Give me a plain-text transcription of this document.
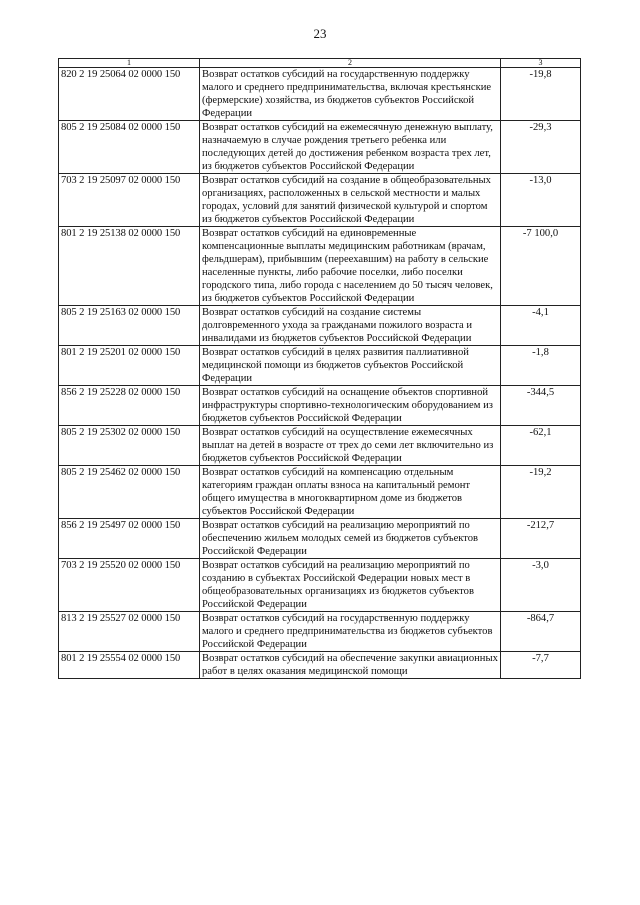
23
1	2	3
820 2 19 25064 02 0000 150	Возврат остатков субсидий на государственную поддержку малого и среднего предпринимательства, включая крестьянские (фермерские) хозяйства, из бюджетов субъектов Российской Федерации	-19,8
805 2 19 25084 02 0000 150	Возврат остатков субсидий на ежемесячную денежную выплату, назначаемую в случае рождения третьего ребенка или последующих детей до достижения ребенком возраста трех лет, из бюджетов субъектов Российской Федерации	-29,3
703 2 19 25097 02 0000 150	Возврат остатков субсидий на создание в общеобразовательных организациях, расположенных в сельской местности и малых городах, условий для занятий физической культурой и спортом из бюджетов субъектов Российской Федерации	-13,0
801 2 19 25138 02 0000 150	Возврат остатков субсидий на единовременные компенсационные выплаты медицинским работникам (врачам, фельдшерам), прибывшим (переехавшим) на работу в сельские населенные пункты, либо рабочие поселки, либо поселки городского типа, либо города с населением до 50 тысяч человек, из бюджетов субъектов Российской Федерации	-7 100,0
805 2 19 25163 02 0000 150	Возврат остатков субсидий на создание системы долговременного ухода за гражданами пожилого возраста и инвалидами из бюджетов субъектов Российской Федерации	-4,1
801 2 19 25201 02 0000 150	Возврат остатков субсидий в целях развития паллиативной медицинской помощи из бюджетов субъектов Российской Федерации	-1,8
856 2 19 25228 02 0000 150	Возврат остатков субсидий на оснащение объектов спортивной инфраструктуры спортивно-технологическим оборудованием из бюджетов субъектов Российской Федерации	-344,5
805 2 19 25302 02 0000 150	Возврат остатков субсидий на осуществление ежемесячных выплат на детей в возрасте от трех до семи лет включительно из бюджетов субъектов Российской Федерации	-62,1
805 2 19 25462 02 0000 150	Возврат остатков субсидий на компенсацию отдельным категориям граждан оплаты взноса на капитальный ремонт общего имущества в многоквартирном доме из бюджетов субъектов Российской Федерации	-19,2
856 2 19 25497 02 0000 150	Возврат остатков субсидий на реализацию мероприятий по обеспечению жильем молодых семей из бюджетов субъектов Российской Федерации	-212,7
703 2 19 25520 02 0000 150	Возврат остатков субсидий на реализацию мероприятий по созданию в субъектах Российской Федерации новых мест в общеобразовательных организациях из бюджетов субъектов Российской Федерации	-3,0
813 2 19 25527 02 0000 150	Возврат остатков субсидий на государственную поддержку малого и среднего предпринимательства из бюджетов субъектов Российской Федерации	-864,7
801 2 19 25554 02 0000 150	Возврат остатков субсидий на обеспечение закупки авиационных работ в целях оказания медицинской помощи	-7,7
